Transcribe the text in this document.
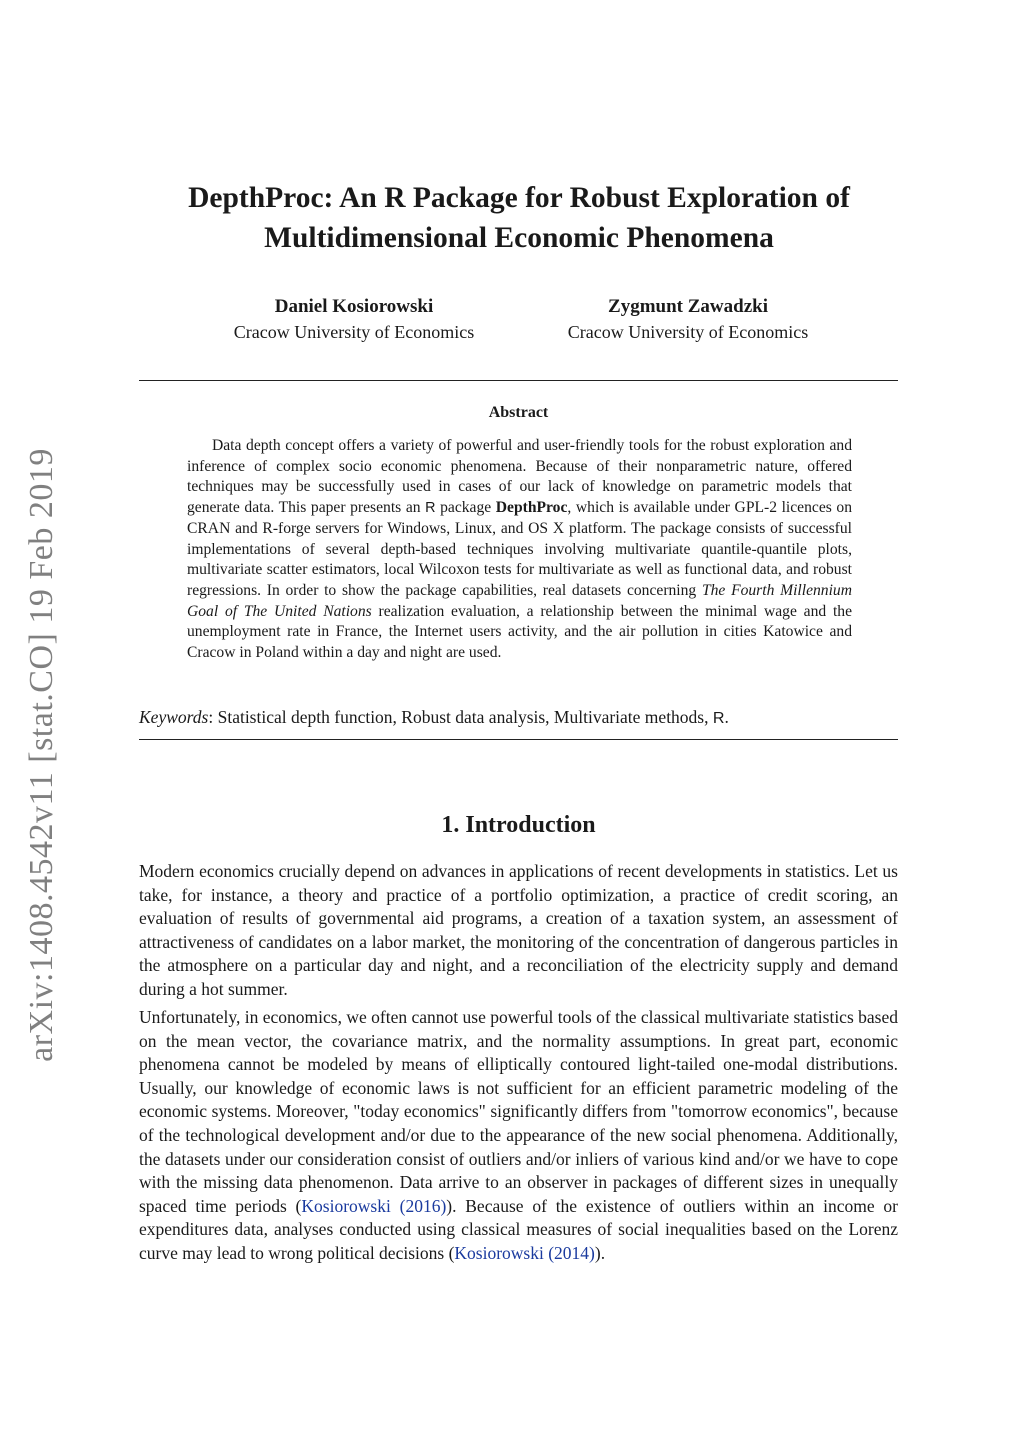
arXiv:1408.4542v11 [stat.CO] 19 Feb 2019
DepthProc: An R Package for Robust Exploration of
Multidimensional Economic Phenomena
Daniel Kosiorowski
Cracow University of Economics
Zygmunt Zawadzki
Cracow University of Economics
Abstract

Data depth concept offers a variety of powerful and user-friendly tools for the robust exploration and inference of complex socio economic phenomena. Because of their nonparametric nature, offered techniques may be successfully used in cases of our lack of knowledge on parametric models that generate data. This paper presents an R package DepthProc, which is available under GPL-2 licences on CRAN and R-forge servers for Windows, Linux, and OS X platform. The package consists of successful implementations of several depth-based techniques involving multivariate quantile-quantile plots, multivariate scatter estimators, local Wilcoxon tests for multivariate as well as functional data, and robust regressions. In order to show the package capabilities, real datasets concerning The Fourth Millennium Goal of The United Nations realization evaluation, a relationship between the minimal wage and the unemployment rate in France, the Internet users activity, and the air pollution in cities Katowice and Cracow in Poland within a day and night are used.

Keywords: Statistical depth function, Robust data analysis, Multivariate methods, R.
1. Introduction

Modern economics crucially depend on advances in applications of recent developments in statistics. Let us take, for instance, a theory and practice of a portfolio optimization, a practice of credit scoring, an evaluation of results of governmental aid programs, a creation of a taxation system, an assessment of attractiveness of candidates on a labor market, the monitoring of the concentration of dangerous particles in the atmosphere on a particular day and night, and a reconciliation of the electricity supply and demand during a hot summer.

Unfortunately, in economics, we often cannot use powerful tools of the classical multivariate statistics based on the mean vector, the covariance matrix, and the normality assumptions. In great part, economic phenomena cannot be modeled by means of elliptically contoured light-tailed one-modal distributions. Usually, our knowledge of economic laws is not sufficient for an efficient parametric modeling of the economic systems. Moreover, "today economics" significantly differs from "tomorrow economics", because of the technological development and/or due to the appearance of the new social phenomena. Additionally, the datasets under our consideration consist of outliers and/or inliers of various kind and/or we have to cope with the missing data phenomenon. Data arrive to an observer in packages of different sizes in unequally spaced time periods (Kosiorowski (2016)). Because of the existence of outliers within an income or expenditures data, analyses conducted using classical measures of social inequalities based on the Lorenz curve may lead to wrong political decisions (Kosiorowski (2014)).
